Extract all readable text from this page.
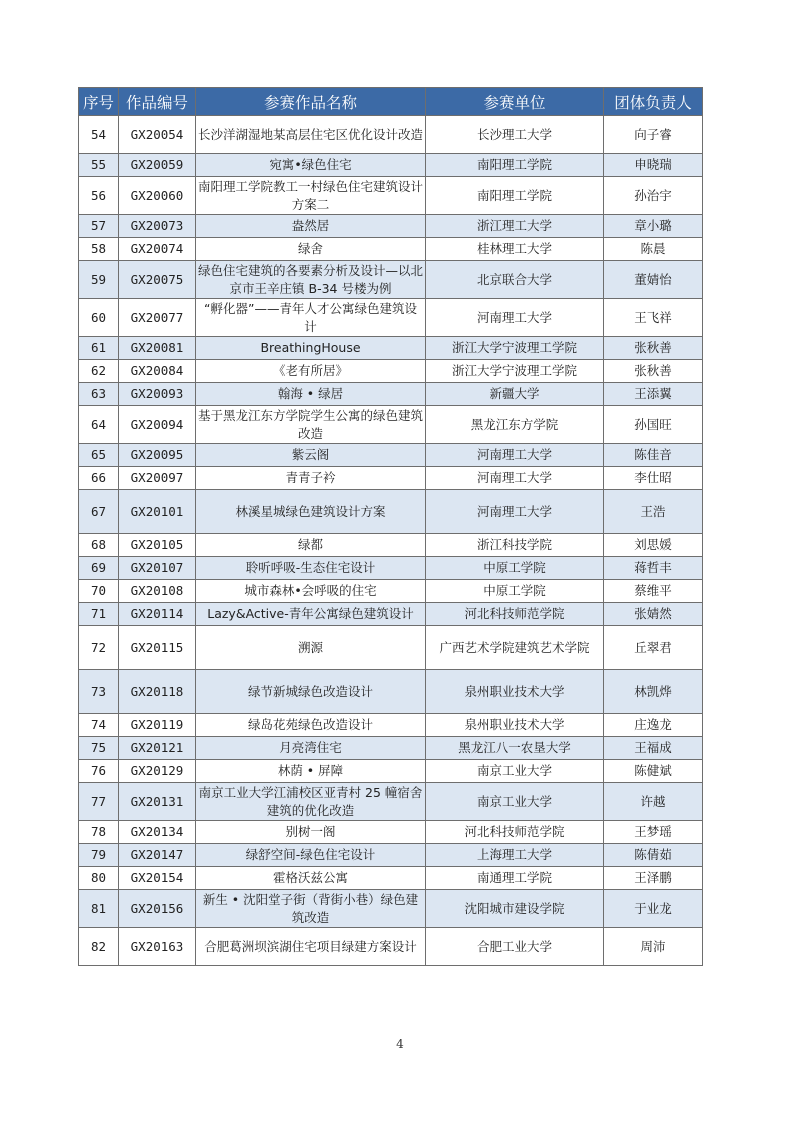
序号	作品编号	参赛作品名称	参赛单位	团体负责人
54	GX20054	长沙洋湖湿地某高层住宅区优化设计改造	长沙理工大学	向子睿
55	GX20059	宛寓•绿色住宅	南阳理工学院	申晓瑞
56	GX20060	南阳理工学院教工一村绿色住宅建筑设计方案二	南阳理工学院	孙治宇
57	GX20073	盎然居	浙江理工大学	章小璐
58	GX20074	绿舍	桂林理工大学	陈晨
59	GX20075	绿色住宅建筑的各要素分析及设计—以北京市王辛庄镇 B-34 号楼为例	北京联合大学	董婧怡
60	GX20077	“孵化器”——青年人才公寓绿色建筑设计	河南理工大学	王飞祥
61	GX20081	BreathingHouse	浙江大学宁波理工学院	张秋善
62	GX20084	《老有所居》	浙江大学宁波理工学院	张秋善
63	GX20093	翰海 • 绿居	新疆大学	王添翼
64	GX20094	基于黑龙江东方学院学生公寓的绿色建筑改造	黑龙江东方学院	孙国旺
65	GX20095	紫云阁	河南理工大学	陈佳音
66	GX20097	青青子衿	河南理工大学	李仕昭
67	GX20101	林溪星城绿色建筑设计方案	河南理工大学	王浩
68	GX20105	绿都	浙江科技学院	刘思媛
69	GX20107	聆听呼吸-生态住宅设计	中原工学院	蒋哲丰
70	GX20108	城市森林•会呼吸的住宅	中原工学院	蔡维平
71	GX20114	Lazy&Active-青年公寓绿色建筑设计	河北科技师范学院	张婧然
72	GX20115	溯源	广西艺术学院建筑艺术学院	丘翠君
73	GX20118	绿节新城绿色改造设计	泉州职业技术大学	林凯烨
74	GX20119	绿岛花苑绿色改造设计	泉州职业技术大学	庄逸龙
75	GX20121	月亮湾住宅	黑龙江八一农垦大学	王福成
76	GX20129	林荫 • 屏障	南京工业大学	陈健斌
77	GX20131	南京工业大学江浦校区亚青村 25 幢宿舍建筑的优化改造	南京工业大学	许越
78	GX20134	别树一阁	河北科技师范学院	王梦瑶
79	GX20147	绿舒空间-绿色住宅设计	上海理工大学	陈倩茹
80	GX20154	霍格沃兹公寓	南通理工学院	王泽鹏
81	GX20156	新生 • 沈阳堂子街（背街小巷）绿色建筑改造	沈阳城市建设学院	于业龙
82	GX20163	合肥葛洲坝滨湖住宅项目绿建方案设计	合肥工业大学	周沛
4
